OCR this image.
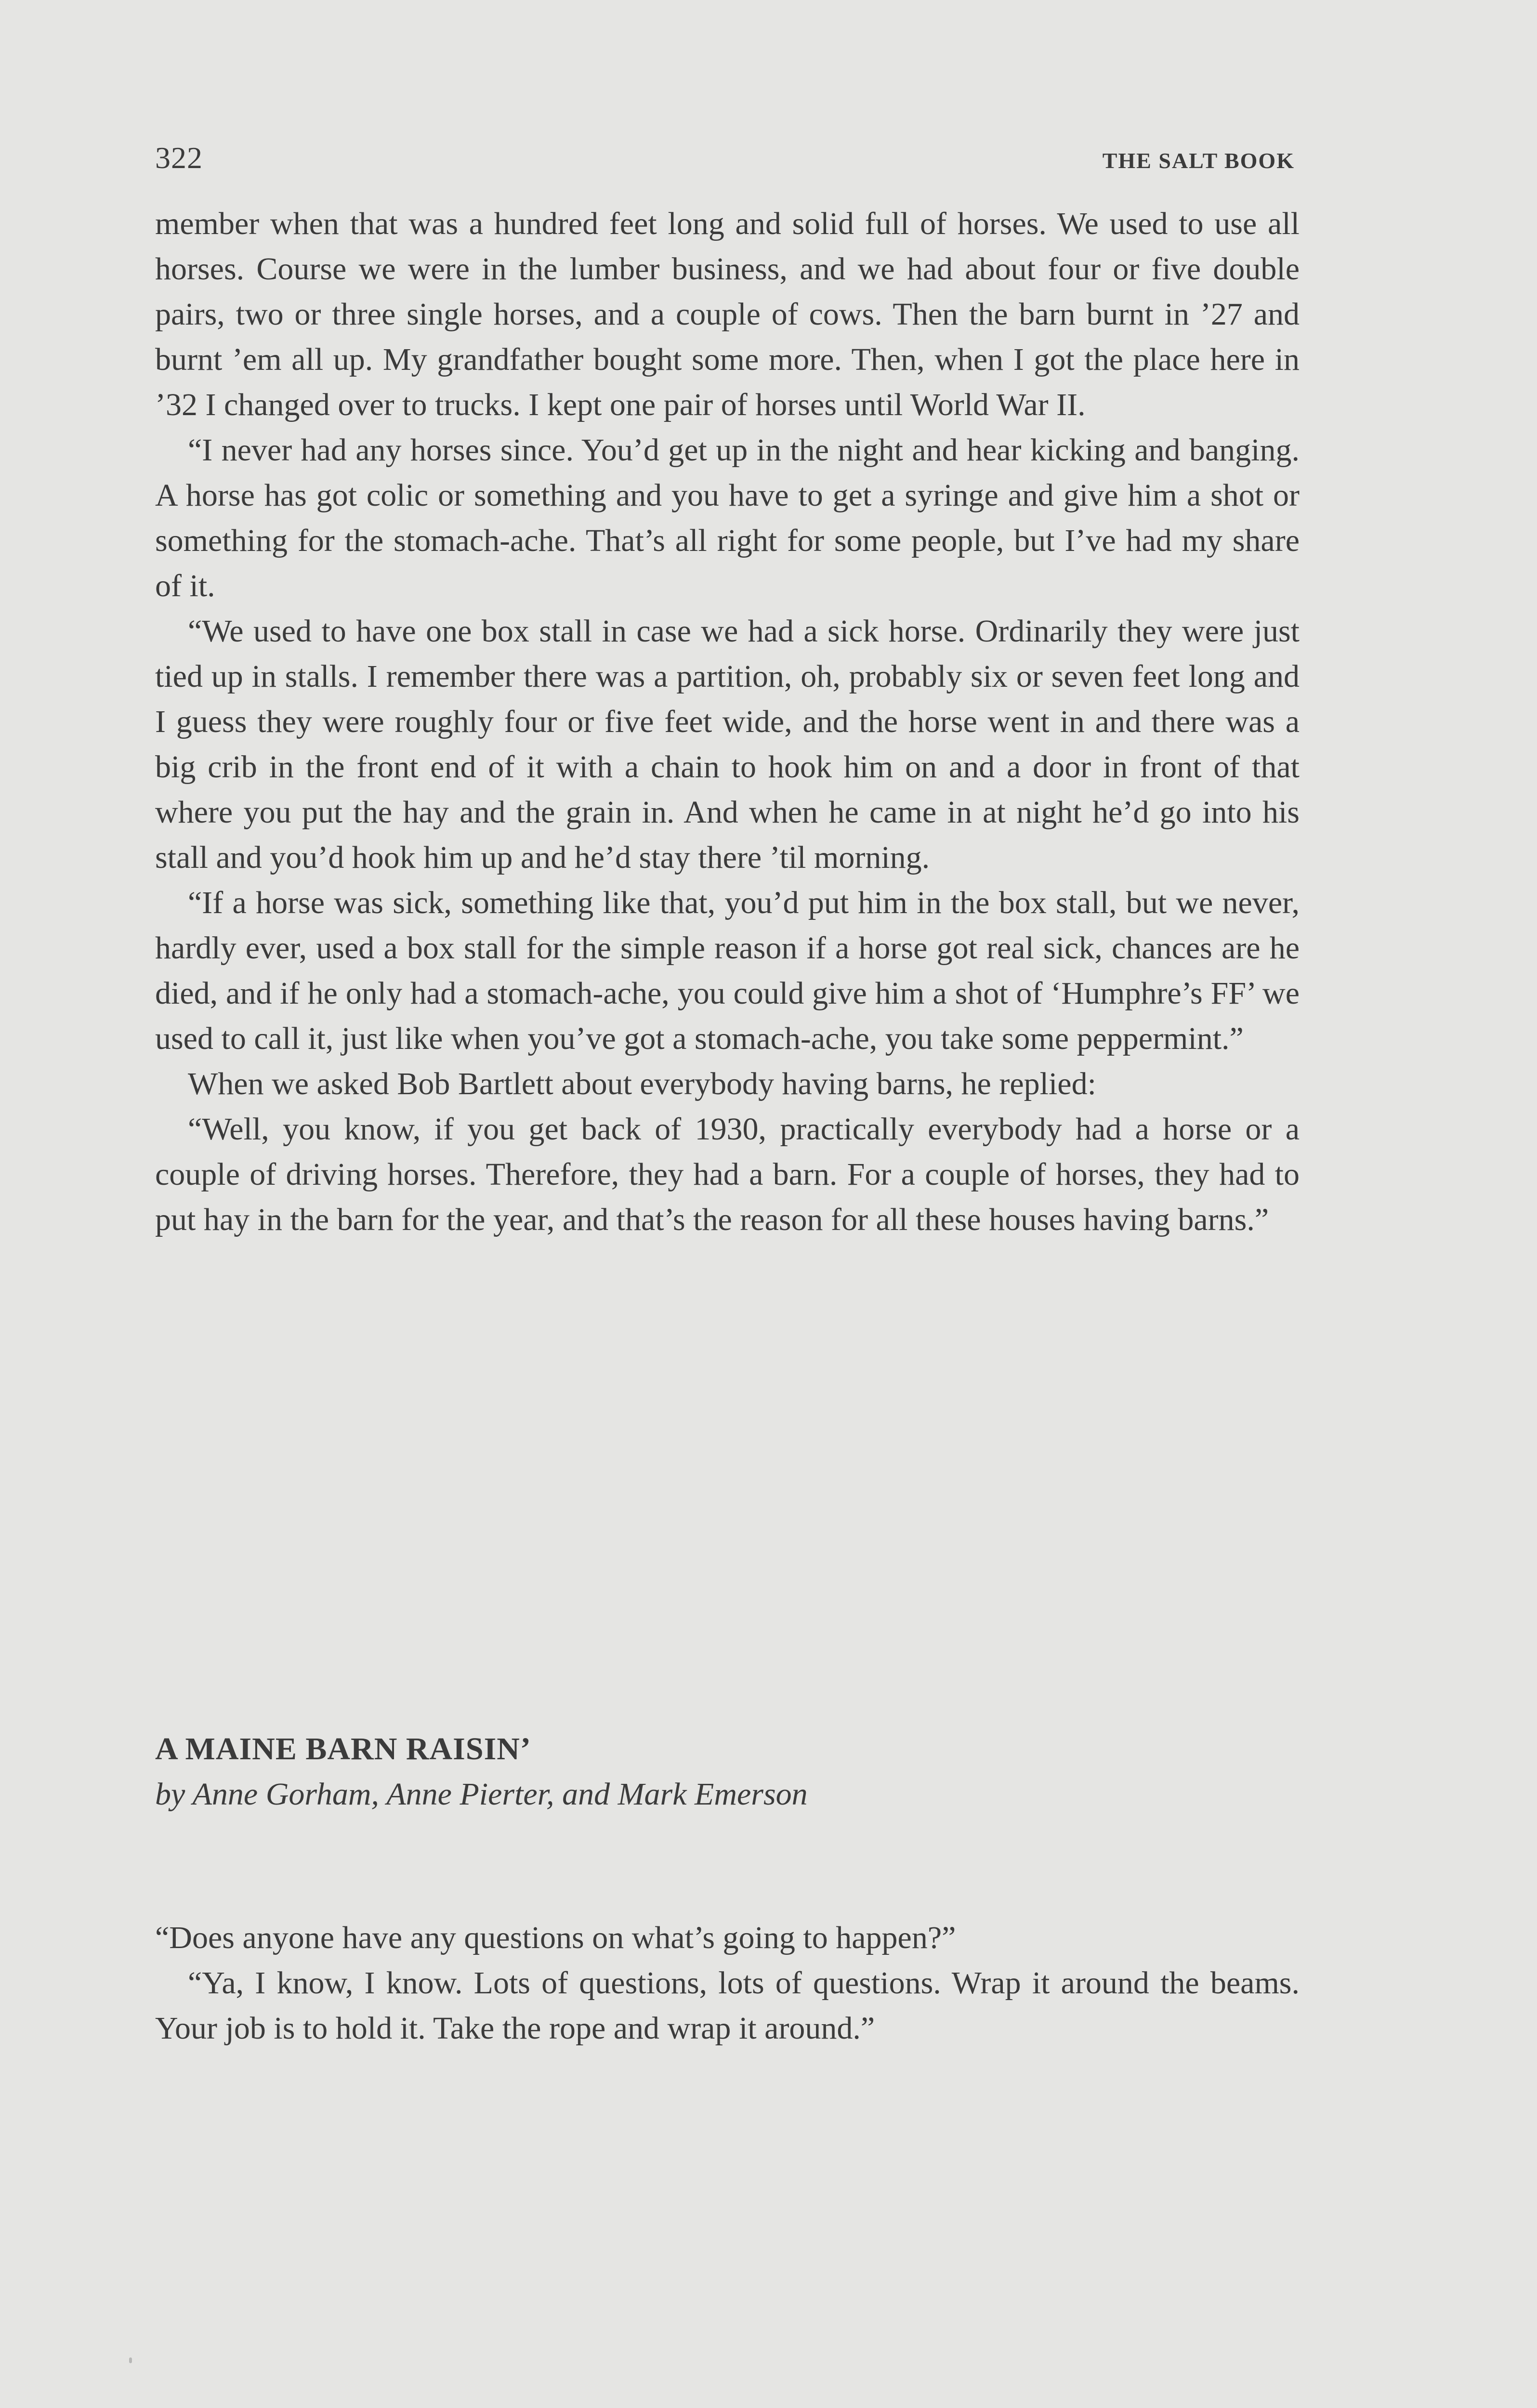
322	THE SALT BOOK

member when that was a hundred feet long and solid full of horses. We used to use all horses. Course we were in the lumber business, and we had about four or five double pairs, two or three single horses, and a couple of cows. Then the barn burnt in ’27 and burnt ’em all up. My grandfather bought some more. Then, when I got the place here in ’32 I changed over to trucks. I kept one pair of horses until World War II.

“I never had any horses since. You’d get up in the night and hear kicking and banging. A horse has got colic or something and you have to get a syringe and give him a shot or something for the stomach-ache. That’s all right for some people, but I’ve had my share of it.

“We used to have one box stall in case we had a sick horse. Ordinarily they were just tied up in stalls. I remember there was a partition, oh, probably six or seven feet long and I guess they were roughly four or five feet wide, and the horse went in and there was a big crib in the front end of it with a chain to hook him on and a door in front of that where you put the hay and the grain in. And when he came in at night he’d go into his stall and you’d hook him up and he’d stay there ’til morning.

“If a horse was sick, something like that, you’d put him in the box stall, but we never, hardly ever, used a box stall for the simple reason if a horse got real sick, chances are he died, and if he only had a stomach-ache, you could give him a shot of ‘Humphre’s FF’ we used to call it, just like when you’ve got a stomach-ache, you take some peppermint.”

When we asked Bob Bartlett about everybody having barns, he replied:

“Well, you know, if you get back of 1930, practically everybody had a horse or a couple of driving horses. Therefore, they had a barn. For a couple of horses, they had to put hay in the barn for the year, and that’s the reason for all these houses having barns.”

A MAINE BARN RAISIN’

by Anne Gorham, Anne Pierter, and Mark Emerson

“Does anyone have any questions on what’s going to happen?”

“Ya, I know, I know. Lots of questions, lots of questions. Wrap it around the beams. Your job is to hold it. Take the rope and wrap it around.”
